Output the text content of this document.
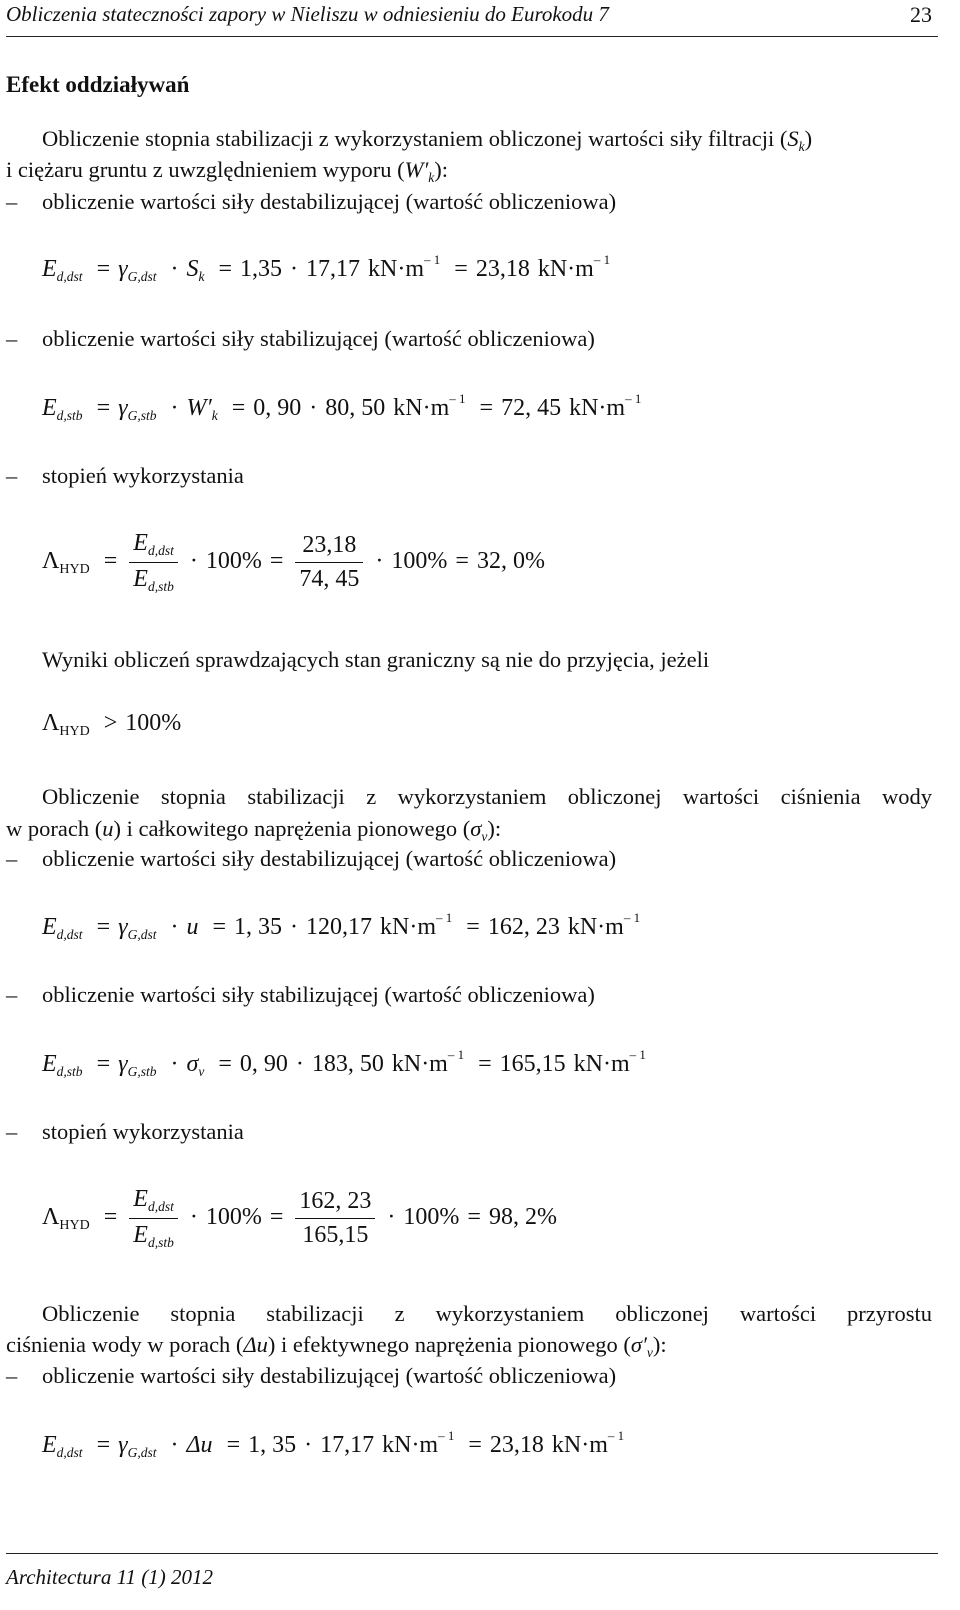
Obliczenia stateczności zapory w Nieliszu w odniesieniu do Eurokodu 7	23
Efekt oddziaływań
Obliczenie stopnia stabilizacji z wykorzystaniem obliczonej wartości siły filtracji $(S_k)$
i ciężaru gruntu z uwzględnieniem wyporu $(W'_k)$:
– obliczenie wartości siły destabilizującej (wartość obliczeniowa)
$E_{d,dst} = \gamma_{G,dst} \cdot S_k = 1,35 \cdot 17,17$ $kN\cdot m^{- 1} = 23,18$ $kN\cdot m^{- 1}$
– obliczenie wartości siły stabilizującej (wartość obliczeniowa)
$E_{d,stb} = \gamma_{G,stb} \cdot W'_k = 0$, 90 · 80, 50 $kN\cdot m^{- 1} = 72$, 45 $kN\cdot m^{- 1}$
– stopień wykorzystania
$\Lambda_{HYD} = \frac{E_{d,dst}}{E_{d,stb}} \cdot 100\% = \frac{23,18}{74, 45} \cdot 100\% = 32$, 0%
Wyniki obliczeń sprawdzających stan graniczny są nie do przyjęcia, jeżeli
$\Lambda_{HYD} > 100\%$
Obliczenie stopnia stabilizacji z wykorzystaniem obliczonej wartości ciśnienia wody
w porach (u) i całkowitego naprężenia pionowego $(\sigma_v)$:
– obliczenie wartości siły destabilizującej (wartość obliczeniowa)
$E_{d,dst} = \gamma_{G,dst} \cdot u = 1$, 35 · 120,17 $kN\cdot m^{- 1} = 162$, 23 $kN\cdot m^{- 1}$
– obliczenie wartości siły stabilizującej (wartość obliczeniowa)
$E_{d,stb} = \gamma_{G,stb} \cdot \sigma_v = 0$, 90 · 183, 50 $kN\cdot m^{- 1} = 165,15$ $kN\cdot m^{- 1}$
– stopień wykorzystania
$\Lambda_{HYD} = \frac{E_{d,dst}}{E_{d,stb}} \cdot 100\% = \frac{162, 23}{165,15} \cdot 100\% = 98$, 2%
Obliczenie stopnia stabilizacji z wykorzystaniem obliczonej wartości przyrostu
ciśnienia wody w porach (Δu) i efektywnego naprężenia pionowego $(\sigma'_v)$:
– obliczenie wartości siły destabilizującej (wartość obliczeniowa)
$E_{d,dst} = \gamma_{G,dst} \cdot \Delta u = 1$, 35 · 17,17 $kN\cdot m^{- 1} = 23,18$ $kN\cdot m^{- 1}$
Architectura 11 (1) 2012
